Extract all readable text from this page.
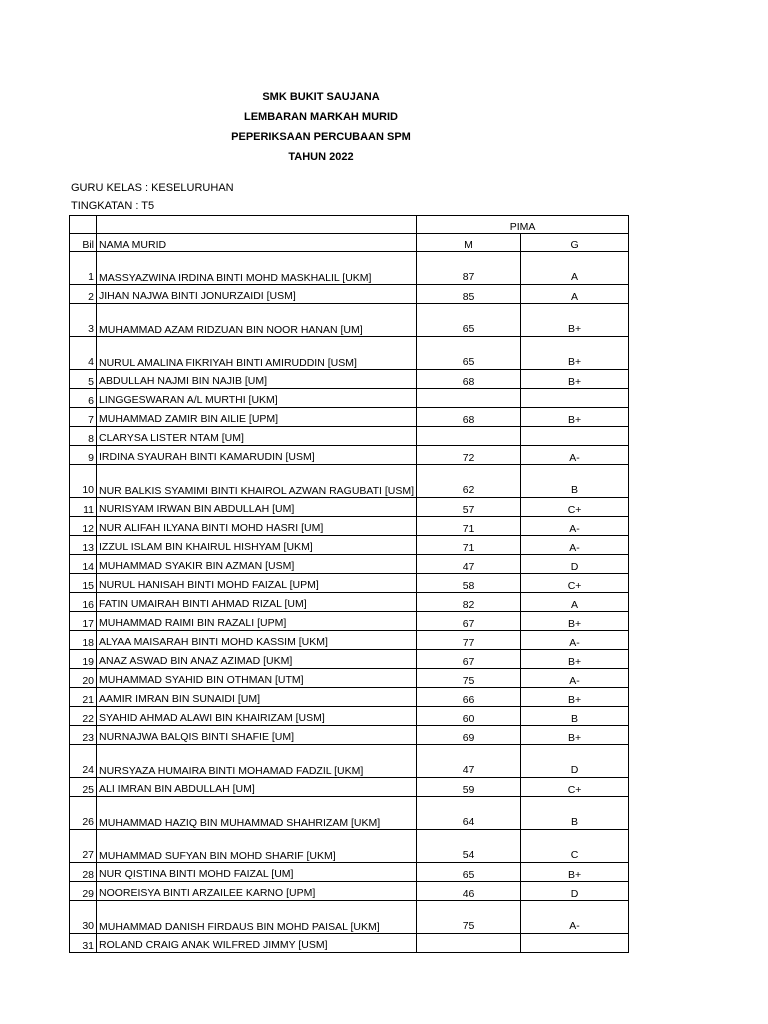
SMK BUKIT SAUJANA
LEMBARAN MARKAH MURID
PEPERIKSAAN PERCUBAAN SPM
TAHUN 2022
GURU KELAS : KESELURUHAN
TINGKATAN : T5
		PIMA	
Bil	NAMA MURID	M	G
1	MASSYAZWINA IRDINA BINTI MOHD MASKHALIL [UKM]	87	A
2	JIHAN NAJWA BINTI JONURZAIDI [USM]	85	A
3	MUHAMMAD AZAM RIDZUAN BIN NOOR HANAN [UM]	65	B+
4	NURUL AMALINA FIKRIYAH BINTI AMIRUDDIN [USM]	65	B+
5	ABDULLAH NAJMI BIN NAJIB [UM]	68	B+
6	LINGGESWARAN A/L MURTHI [UKM]		
7	MUHAMMAD ZAMIR BIN AILIE [UPM]	68	B+
8	CLARYSA LISTER NTAM [UM]		
9	IRDINA SYAURAH BINTI KAMARUDIN [USM]	72	A-
10	NUR BALKIS SYAMIMI BINTI KHAIROL AZWAN RAGUBATI [USM]	62	B
11	NURISYAM IRWAN BIN ABDULLAH [UM]	57	C+
12	NUR ALIFAH ILYANA BINTI MOHD HASRI [UM]	71	A-
13	IZZUL ISLAM BIN KHAIRUL HISHYAM [UKM]	71	A-
14	MUHAMMAD SYAKIR BIN AZMAN [USM]	47	D
15	NURUL HANISAH BINTI MOHD FAIZAL [UPM]	58	C+
16	FATIN UMAIRAH BINTI AHMAD RIZAL [UM]	82	A
17	MUHAMMAD RAIMI BIN RAZALI [UPM]	67	B+
18	ALYAA MAISARAH BINTI MOHD KASSIM [UKM]	77	A-
19	ANAZ ASWAD BIN ANAZ AZIMAD [UKM]	67	B+
20	MUHAMMAD SYAHID BIN OTHMAN [UTM]	75	A-
21	AAMIR IMRAN BIN SUNAIDI [UM]	66	B+
22	SYAHID AHMAD ALAWI BIN KHAIRIZAM [USM]	60	B
23	NURNAJWA BALQIS BINTI SHAFIE [UM]	69	B+
24	NURSYAZA HUMAIRA BINTI MOHAMAD FADZIL [UKM]	47	D
25	ALI IMRAN BIN ABDULLAH [UM]	59	C+
26	MUHAMMAD HAZIQ BIN MUHAMMAD SHAHRIZAM [UKM]	64	B
27	MUHAMMAD SUFYAN BIN MOHD SHARIF [UKM]	54	C
28	NUR QISTINA BINTI MOHD FAIZAL [UM]	65	B+
29	NOOREISYA BINTI ARZAILEE KARNO [UPM]	46	D
30	MUHAMMAD DANISH FIRDAUS BIN MOHD PAISAL [UKM]	75	A-
31	ROLAND CRAIG ANAK WILFRED JIMMY [USM]		
